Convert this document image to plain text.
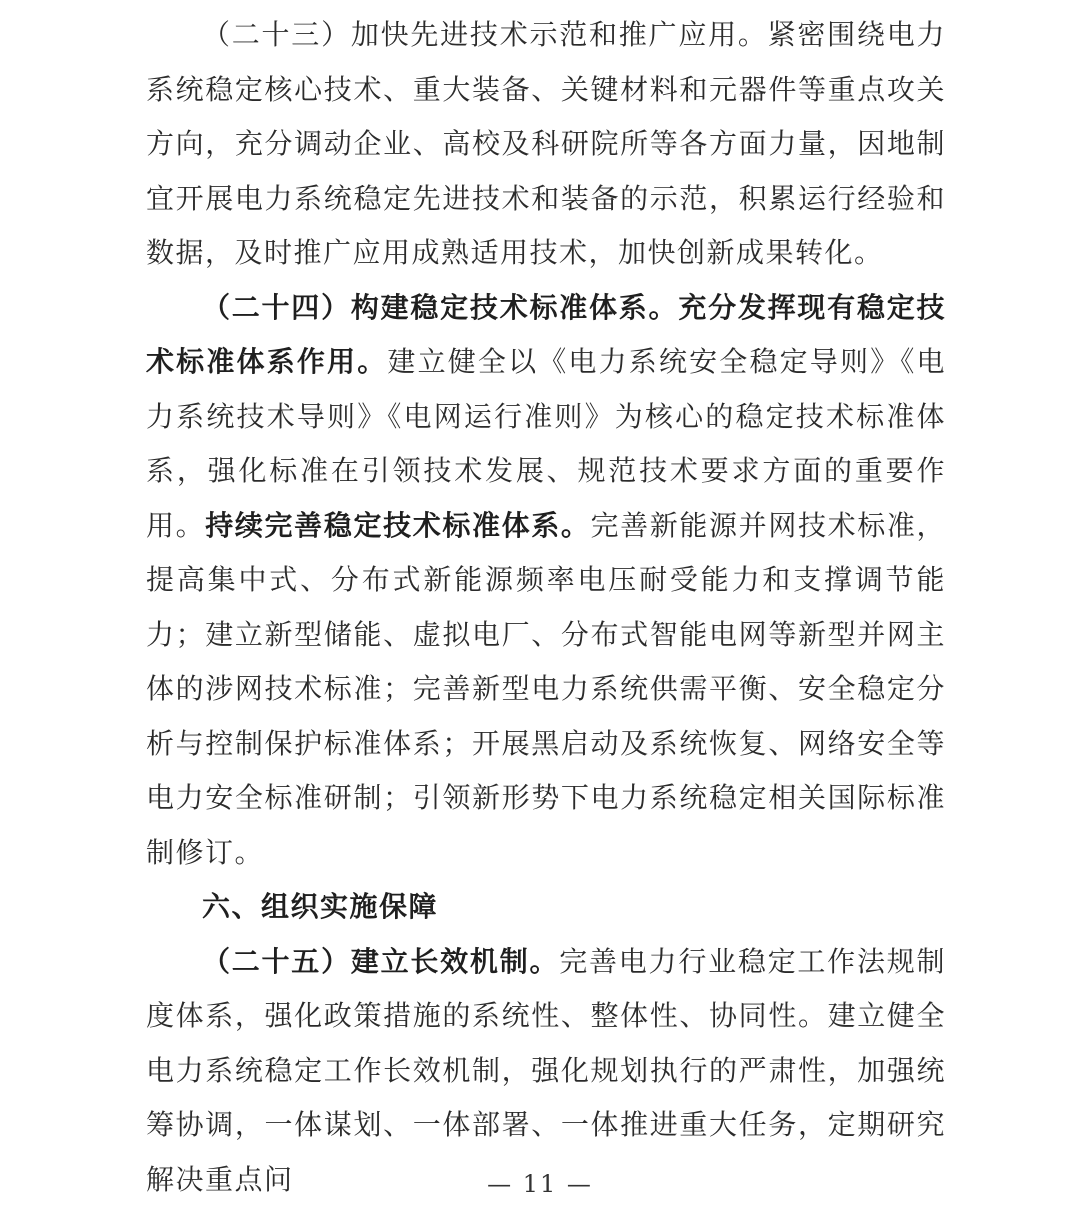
（二十三）加快先进技术示范和推广应用。紧密围绕电力系统稳定核心技术、重大装备、关键材料和元器件等重点攻关方向，充分调动企业、高校及科研院所等各方面力量，因地制宜开展电力系统稳定先进技术和装备的示范，积累运行经验和数据，及时推广应用成熟适用技术，加快创新成果转化。

（二十四）构建稳定技术标准体系。充分发挥现有稳定技术标准体系作用。建立健全以《电力系统安全稳定导则》《电力系统技术导则》《电网运行准则》为核心的稳定技术标准体系，强化标准在引领技术发展、规范技术要求方面的重要作用。持续完善稳定技术标准体系。完善新能源并网技术标准，提高集中式、分布式新能源频率电压耐受能力和支撑调节能力；建立新型储能、虚拟电厂、分布式智能电网等新型并网主体的涉网技术标准；完善新型电力系统供需平衡、安全稳定分析与控制保护标准体系；开展黑启动及系统恢复、网络安全等电力安全标准研制；引领新形势下电力系统稳定相关国际标准制修订。

六、组织实施保障

（二十五）建立长效机制。完善电力行业稳定工作法规制度体系，强化政策措施的系统性、整体性、协同性。建立健全电力系统稳定工作长效机制，强化规划执行的严肃性，加强统筹协调，一体谋划、一体部署、一体推进重大任务，定期研究解决重点问	— 11 —
